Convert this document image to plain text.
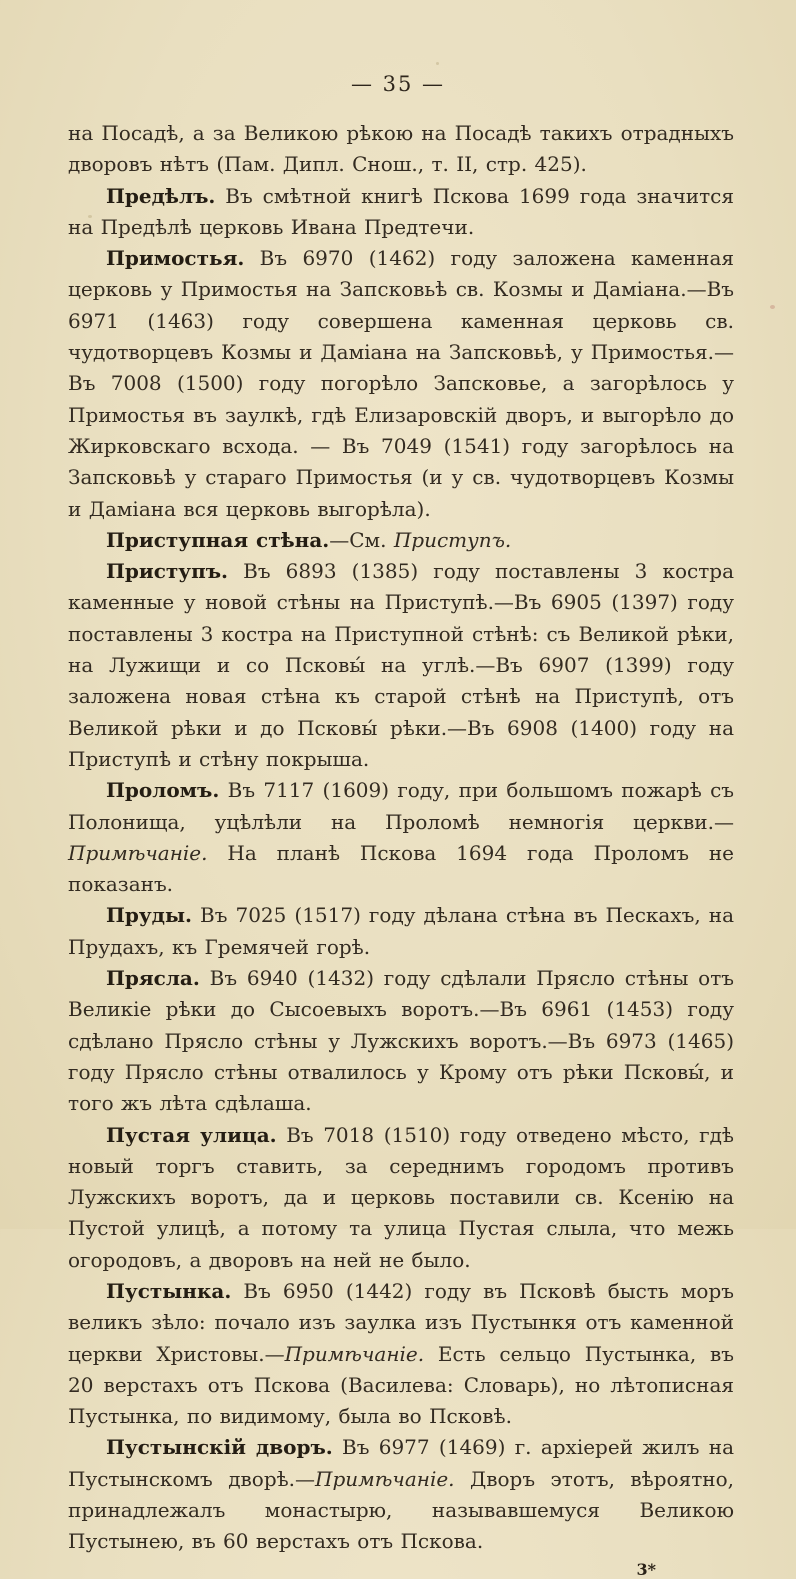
— 35 —

на Посадѣ, а за Великою рѣкою на Посадѣ такихъ отрадныхъ дворовъ нѣтъ (Пам. Дипл. Снош., т. II, стр. 425).

Предѣлъ. Въ смѣтной книгѣ Пскова 1699 года значится на Предѣлѣ церковь Ивана Предтечи.

Примостья. Въ 6970 (1462) году заложена каменная церковь у Примостья на Запсковьѣ св. Козмы и Даміана.—Въ 6971 (1463) году совершена каменная церковь св. чудотворцевъ Козмы и Даміана на Запсковьѣ, у Примостья.—Въ 7008 (1500) году погорѣло Запсковье, а загорѣлось у Примостья въ заулкѣ, гдѣ Елизаровскій дворъ, и выгорѣло до Жирковскаго всхода. — Въ 7049 (1541) году загорѣлось на Запсковьѣ у стараго Примостья (и у св. чудотворцевъ Козмы и Даміана вся церковь выгорѣла).

Приступная стѣна.—См. Приступъ.

Приступъ. Въ 6893 (1385) году поставлены 3 костра каменные у новой стѣны на Приступѣ.—Въ 6905 (1397) году поставлены 3 костра на Приступной стѣнѣ: съ Великой рѣки, на Лужищи и со Псковы́ на углѣ.—Въ 6907 (1399) году заложена новая стѣна къ старой стѣнѣ на Приступѣ, отъ Великой рѣки и до Псковы́ рѣки.—Въ 6908 (1400) году на Приступѣ и стѣну покрыша.

Проломъ. Въ 7117 (1609) году, при большомъ пожарѣ съ Полонища, уцѣлѣли на Проломѣ немногія церкви.—Примѣчаніе. На планѣ Пскова 1694 года Проломъ не показанъ.

Пруды. Въ 7025 (1517) году дѣлана стѣна въ Пескахъ, на Прудахъ, къ Гремячей горѣ.

Прясла. Въ 6940 (1432) году сдѣлали Прясло стѣны отъ Великіе рѣки до Сысоевыхъ воротъ.—Въ 6961 (1453) году сдѣлано Прясло стѣны у Лужскихъ воротъ.—Въ 6973 (1465) году Прясло стѣны отвалилось у Крому отъ рѣки Псковы́, и того жъ лѣта сдѣлаша.

Пустая улица. Въ 7018 (1510) году отведено мѣсто, гдѣ новый торгъ ставить, за середнимъ городомъ противъ Лужскихъ воротъ, да и церковь поставили св. Ксенію на Пустой улицѣ, а потому та улица Пустая слыла, что межь огородовъ, а дворовъ на ней не было.

Пустынка. Въ 6950 (1442) году въ Псковѣ бысть моръ великъ зѣло: почало изъ заулка изъ Пустынкя отъ каменной церкви Христовы.—Примѣчаніе. Есть сельцо Пустынка, въ 20 верстахъ отъ Пскова (Василева: Словарь), но лѣтописная Пустынка, по видимому, была во Псковѣ.

Пустынскій дворъ. Въ 6977 (1469) г. архіерей жилъ на Пустынскомъ дворѣ.—Примѣчаніе. Дворъ этотъ, вѣроятно, принадлежалъ монастырю, называвшемуся Великою Пустынею, въ 60 верстахъ отъ Пскова.

3*
